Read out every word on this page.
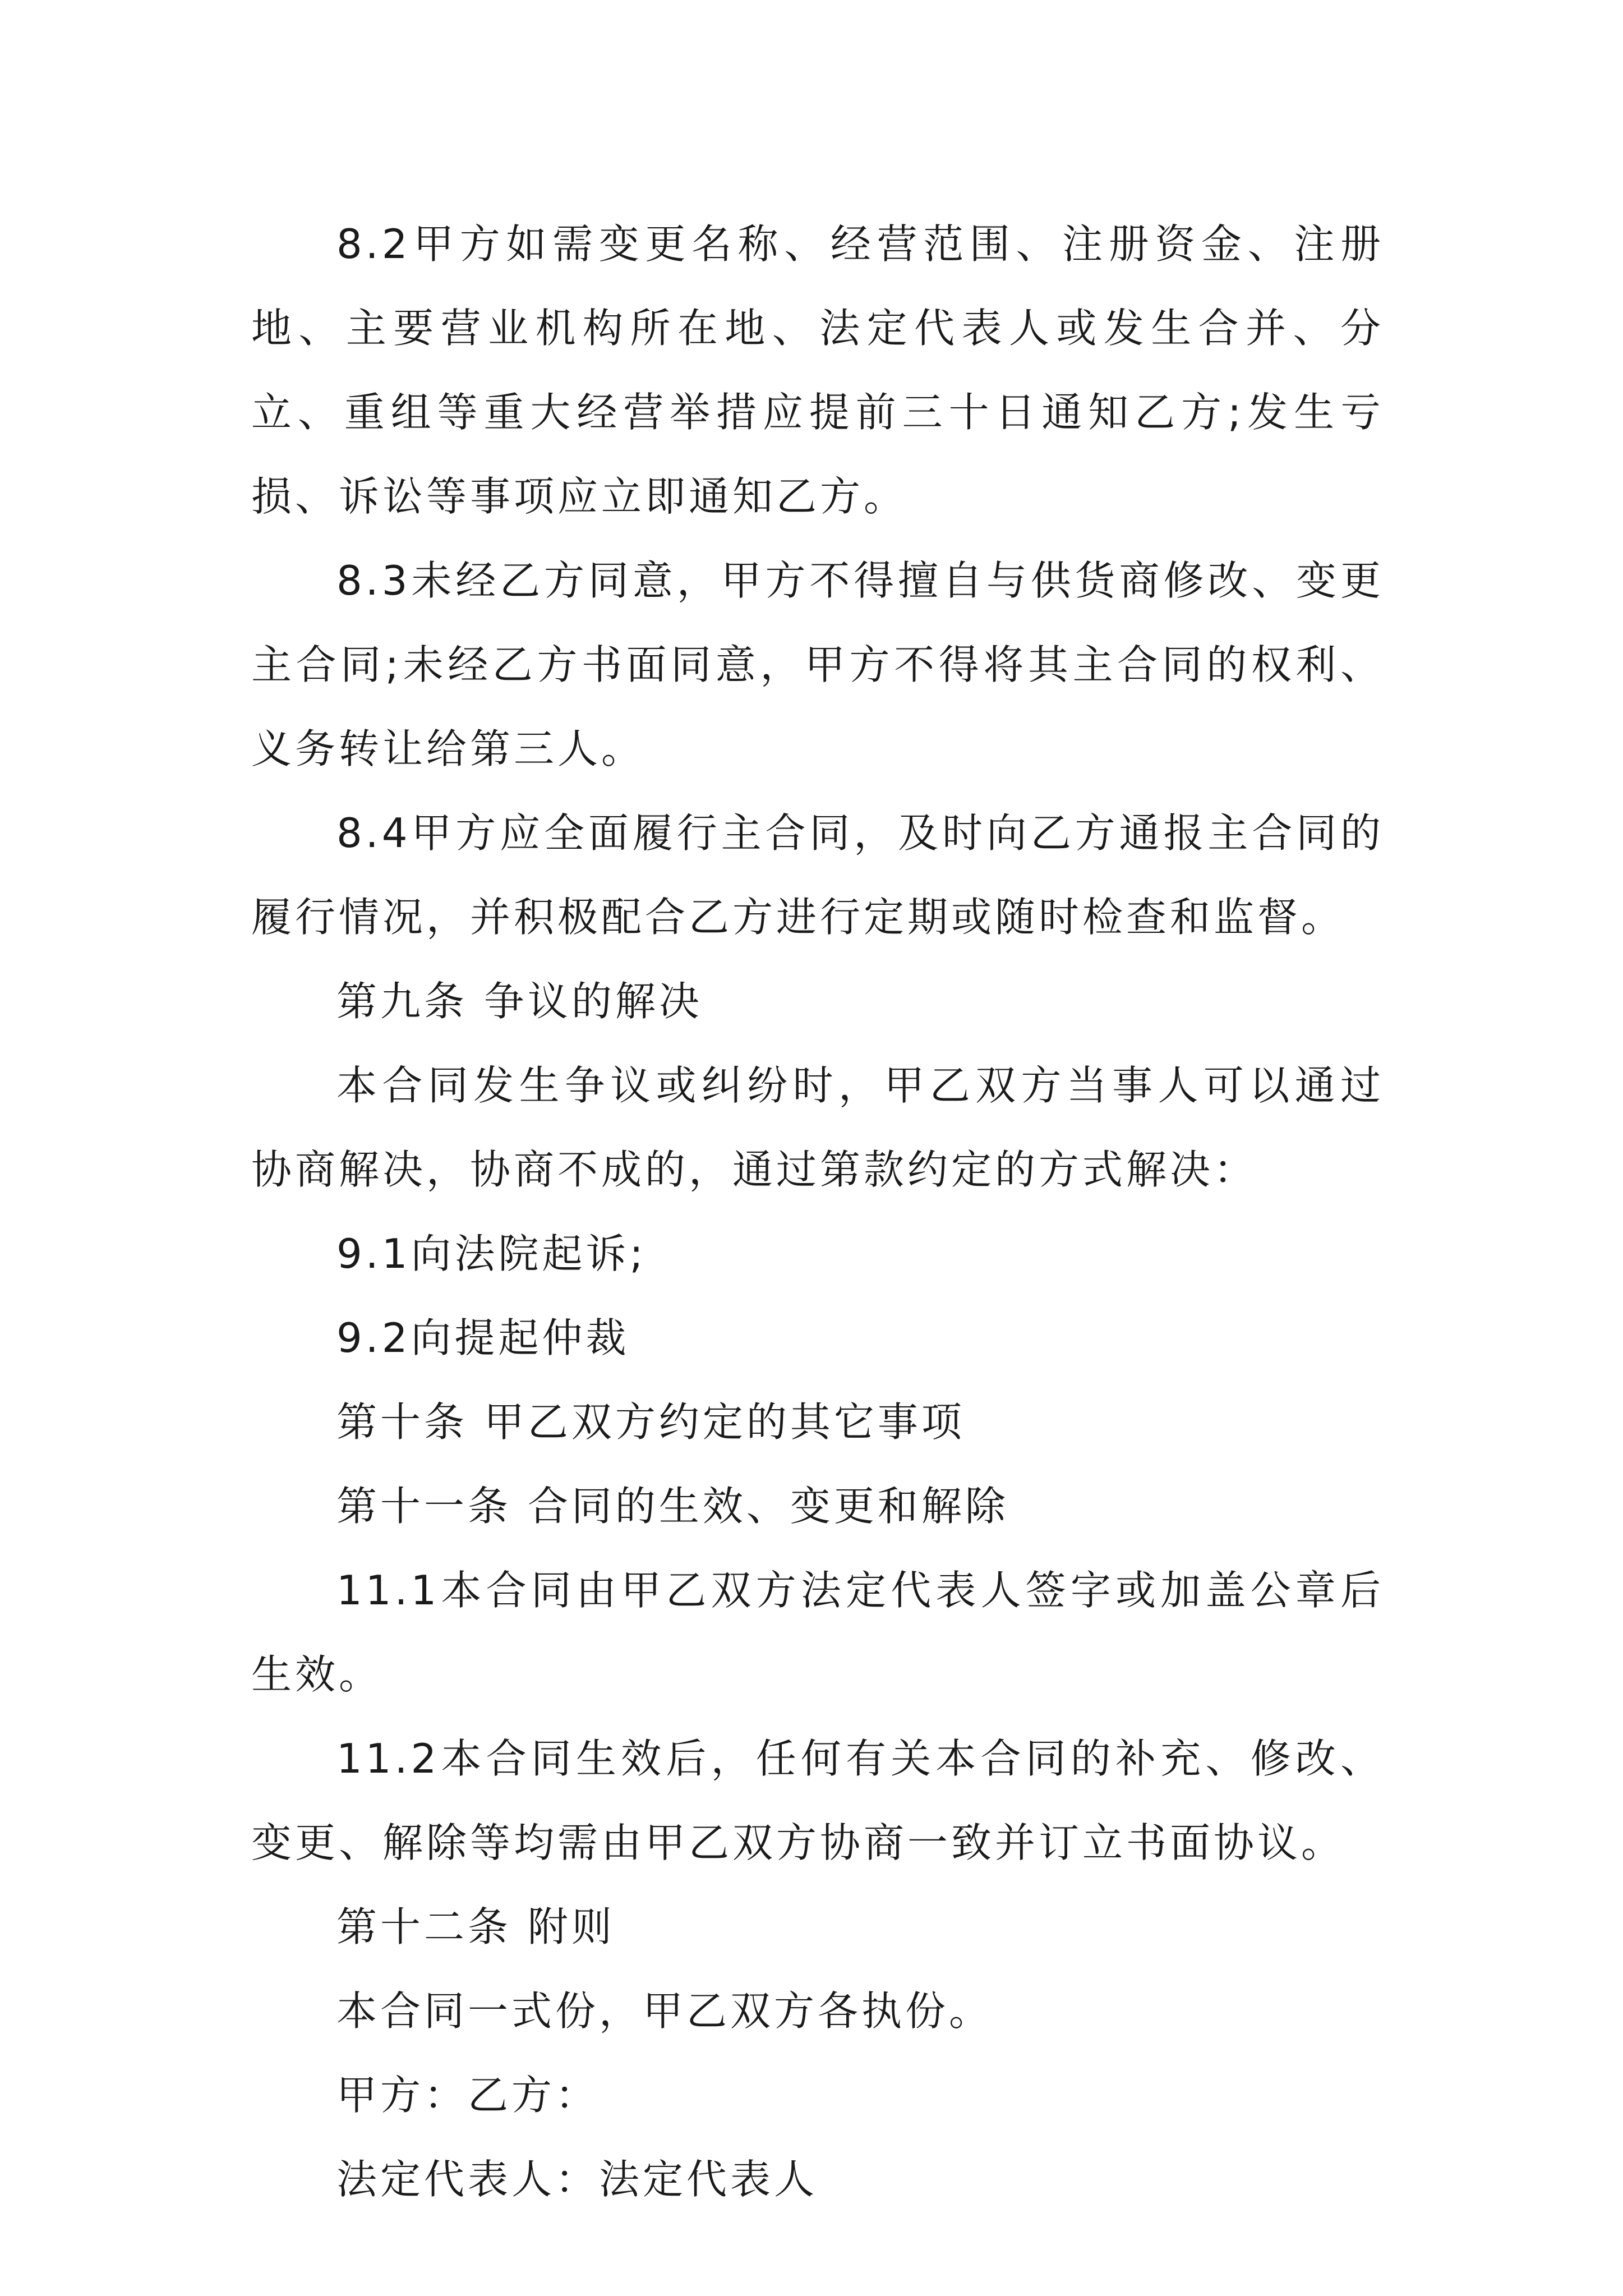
8.2甲方如需变更名称、经营范围、注册资金、注册地、主要营业机构所在地、法定代表人或发生合并、分立、重组等重大经营举措应提前三十日通知乙方;发生亏损、诉讼等事项应立即通知乙方。

8.3未经乙方同意，甲方不得擅自与供货商修改、变更主合同;未经乙方书面同意，甲方不得将其主合同的权利、义务转让给第三人。

8.4甲方应全面履行主合同，及时向乙方通报主合同的履行情况，并积极配合乙方进行定期或随时检查和监督。

第九条 争议的解决

本合同发生争议或纠纷时，甲乙双方当事人可以通过协商解决，协商不成的，通过第款约定的方式解决：

9.1向法院起诉;

9.2向提起仲裁

第十条 甲乙双方约定的其它事项

第十一条 合同的生效、变更和解除

11.1本合同由甲乙双方法定代表人签字或加盖公章后生效。

11.2本合同生效后，任何有关本合同的补充、修改、变更、解除等均需由甲乙双方协商一致并订立书面协议。

第十二条 附则

本合同一式份，甲乙双方各执份。

甲方：乙方：

法定代表人：法定代表人
